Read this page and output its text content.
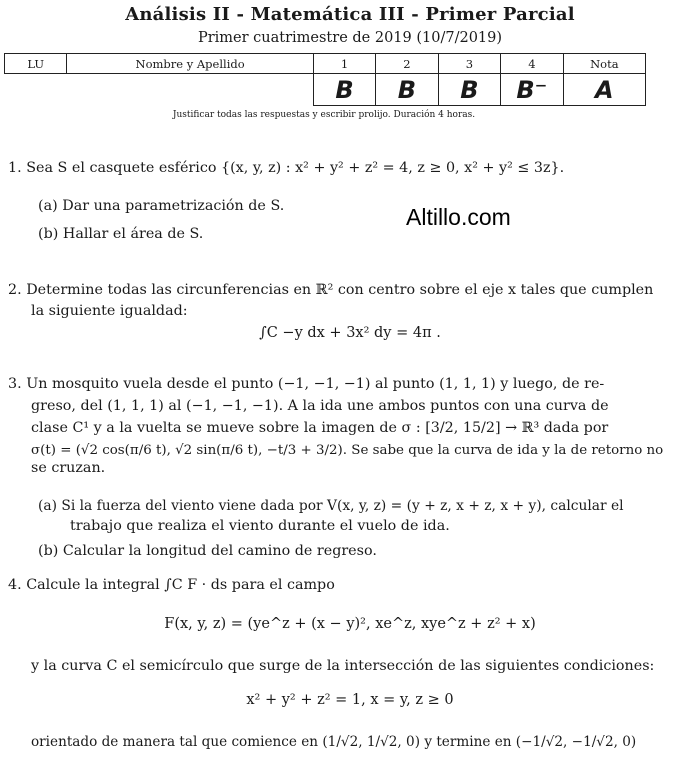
Análisis II - Matemática III - Primer Parcial
Primer cuatrimestre de 2019 (10/7/2019)
LU	Nombre y Apellido	1	2	3	4	Nota
		B	B	B	B⁻	A
Justificar todas las respuestas y escribir prolijo. Duración 4 horas.
Altillo.com
1. Sea S el casquete esférico {(x, y, z) : x² + y² + z² = 4, z ≥ 0, x² + y² ≤ 3z}.
(a) Dar una parametrización de S.
(b) Hallar el área de S.
2. Determine todas las circunferencias en ℝ² con centro sobre el eje x tales que cumplen
la siguiente igualdad:
∫C −y dx + 3x² dy = 4π .
3. Un mosquito vuela desde el punto (−1, −1, −1) al punto (1, 1, 1) y luego, de re-
greso, del (1, 1, 1) al (−1, −1, −1). A la ida une ambos puntos con una curva de
clase C¹ y a la vuelta se mueve sobre la imagen de σ : [3/2, 15/2] → ℝ³ dada por
σ(t) = (√2 cos(π/6 t), √2 sin(π/6 t), −t/3 + 3/2). Se sabe que la curva de ida y la de retorno no
se cruzan.
(a) Si la fuerza del viento viene dada por V(x, y, z) = (y + z, x + z, x + y), calcular el
trabajo que realiza el viento durante el vuelo de ida.
(b) Calcular la longitud del camino de regreso.
4. Calcule la integral ∫C F · ds para el campo
F(x, y, z) = (ye^z + (x − y)², xe^z, xye^z + z² + x)
y la curva C el semicírculo que surge de la intersección de las siguientes condiciones:
x² + y² + z² = 1, x = y, z ≥ 0
orientado de manera tal que comience en (1/√2, 1/√2, 0) y termine en (−1/√2, −1/√2, 0)
